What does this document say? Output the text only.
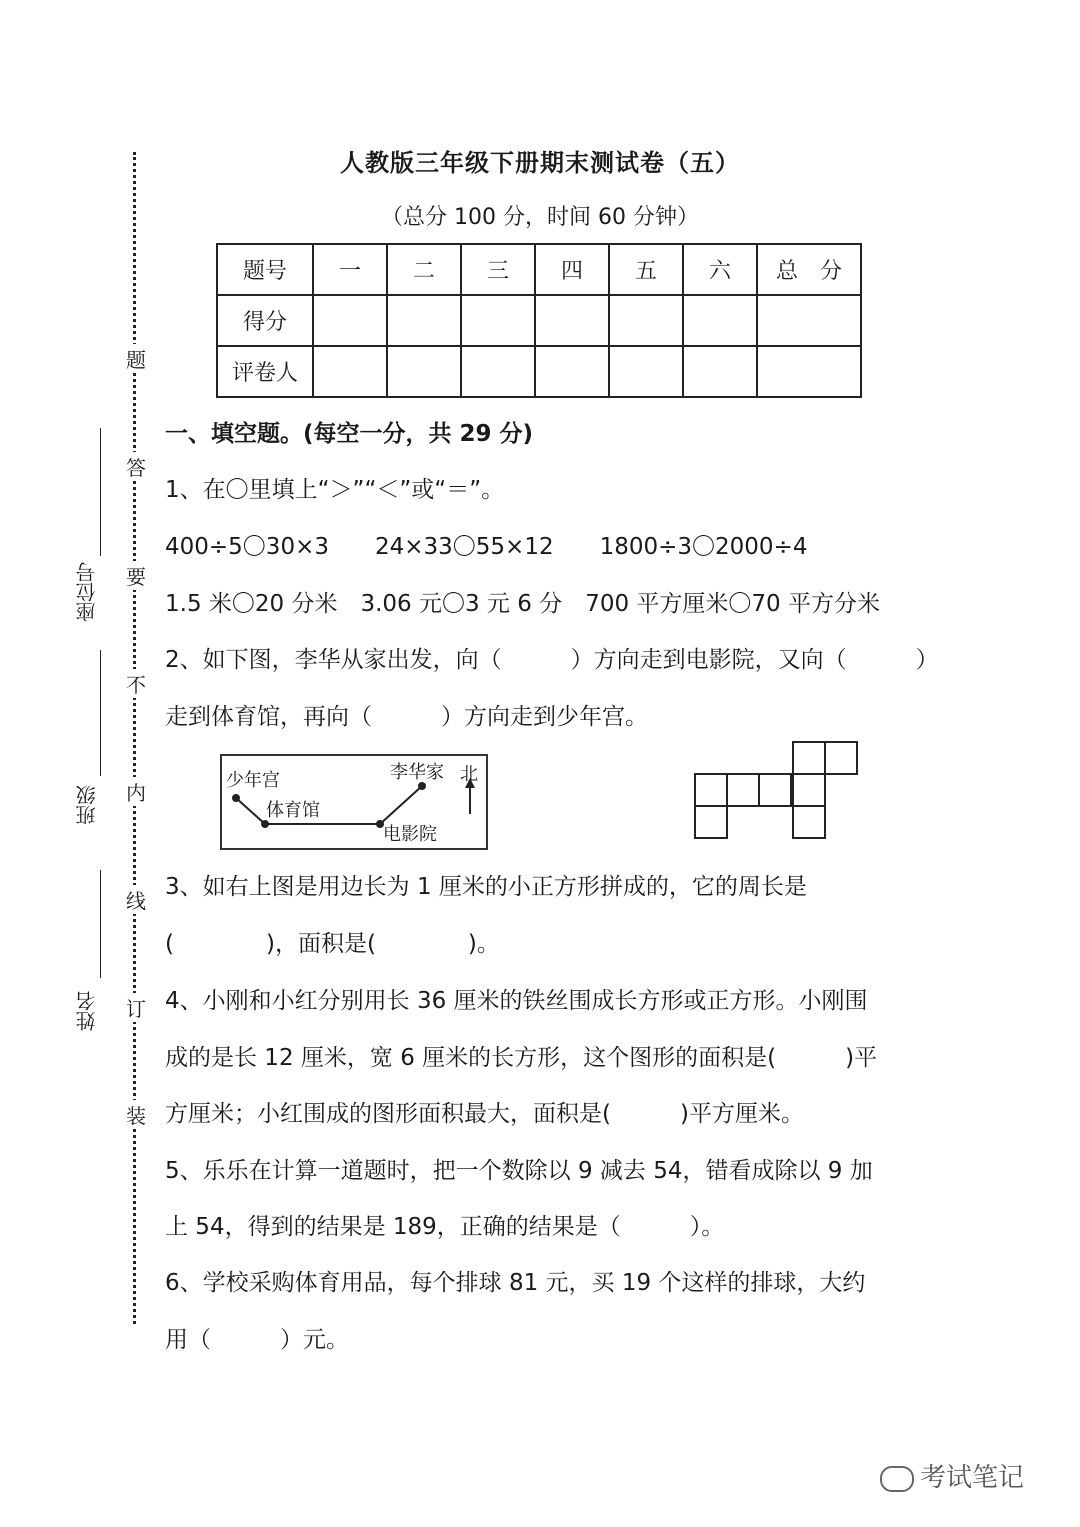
题
答
要
不
内
线
订
装
座位号
班级
姓名
人教版三年级下册期末测试卷（五）
（总分 100 分，时间 60 分钟）
题号	一	二	三	四	五	六	总　分
得分							
评卷人							
一、填空题。(每空一分，共 29 分)
1、在〇里填上“＞”“＜”或“＝”。
400÷5〇30×3　　24×33〇55×12　　1800÷3〇2000÷4
1.5 米〇20 分米　3.06 元〇3 元 6 分　700 平方厘米〇70 平方分米
2、如下图，李华从家出发，向（　　　）方向走到电影院，又向（　　　）
走到体育馆，再向（　　　）方向走到少年宫。
少年宫
体育馆
李华家
电影院
北
3、如右上图是用边长为 1 厘米的小正方形拼成的，它的周长是
(　　　　)，面积是(　　　　)。
4、小刚和小红分别用长 36 厘米的铁丝围成长方形或正方形。小刚围
成的是长 12 厘米，宽 6 厘米的长方形，这个图形的面积是(　　　)平
方厘米；小红围成的图形面积最大，面积是(　　　)平方厘米。
5、乐乐在计算一道题时，把一个数除以 9 减去 54，错看成除以 9 加
上 54，得到的结果是 189，正确的结果是（　　　）。
6、学校采购体育用品，每个排球 81 元，买 19 个这样的排球，大约
用（　　　）元。
考试笔记
